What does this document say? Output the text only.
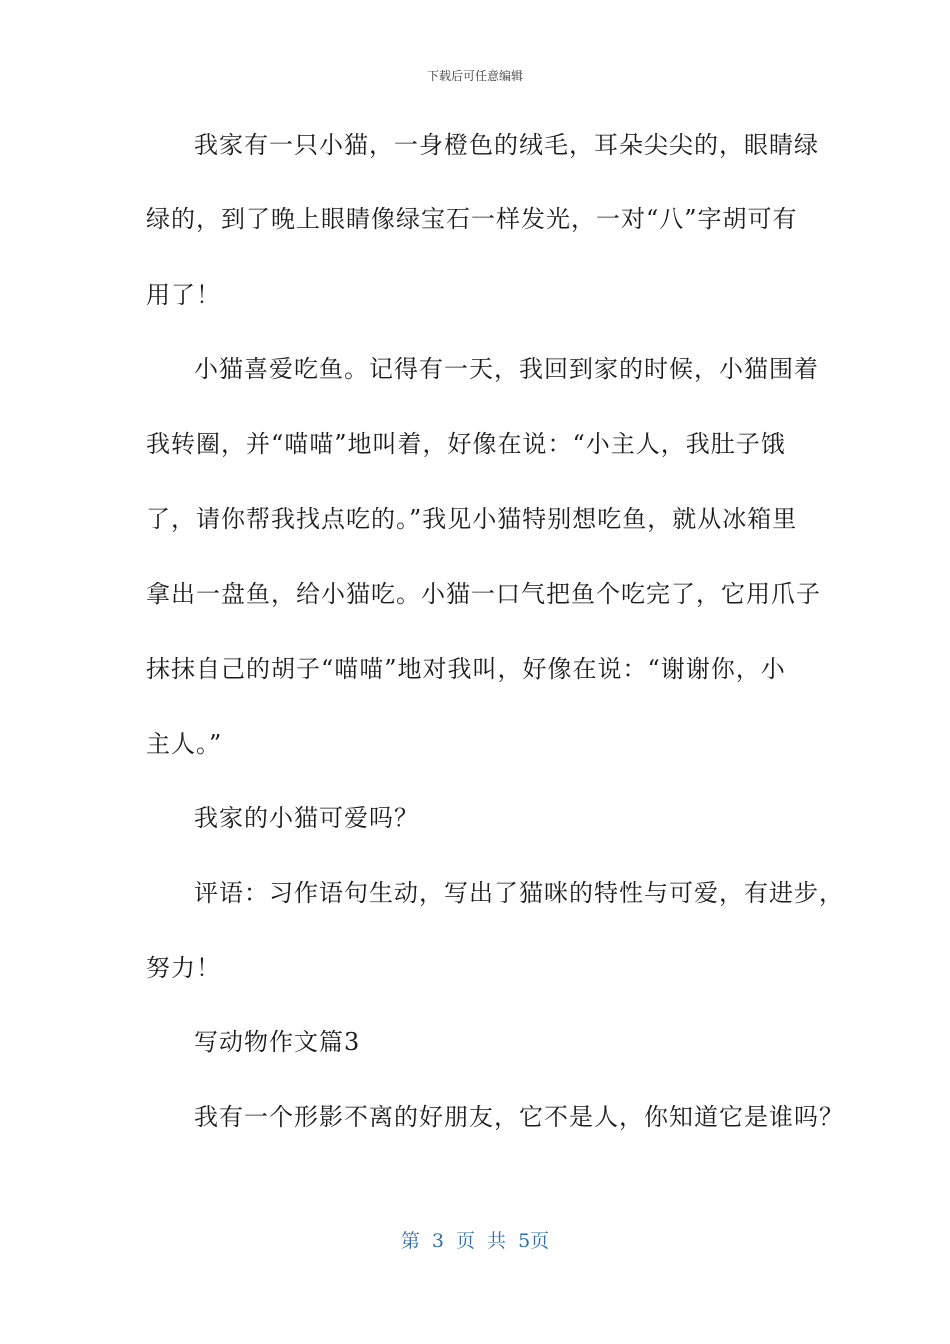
下载后可任意编辑
我家有一只小猫，一身橙色的绒毛，耳朵尖尖的，眼睛绿
绿的，到了晚上眼睛像绿宝石一样发光，一对“八”字胡可有
用了！
小猫喜爱吃鱼。记得有一天，我回到家的时候，小猫围着
我转圈，并“喵喵”地叫着，好像在说：“小主人，我肚子饿
了，请你帮我找点吃的。”我见小猫特别想吃鱼，就从冰箱里
拿出一盘鱼，给小猫吃。小猫一口气把鱼个吃完了，它用爪子
抹抹自己的胡子“喵喵”地对我叫，好像在说：“谢谢你，小
主人。”
我家的小猫可爱吗？
评语：习作语句生动，写出了猫咪的特性与可爱，有进步，
努力！
写动物作文篇3
我有一个形影不离的好朋友，它不是人，你知道它是谁吗？
第 3 页 共 5页
